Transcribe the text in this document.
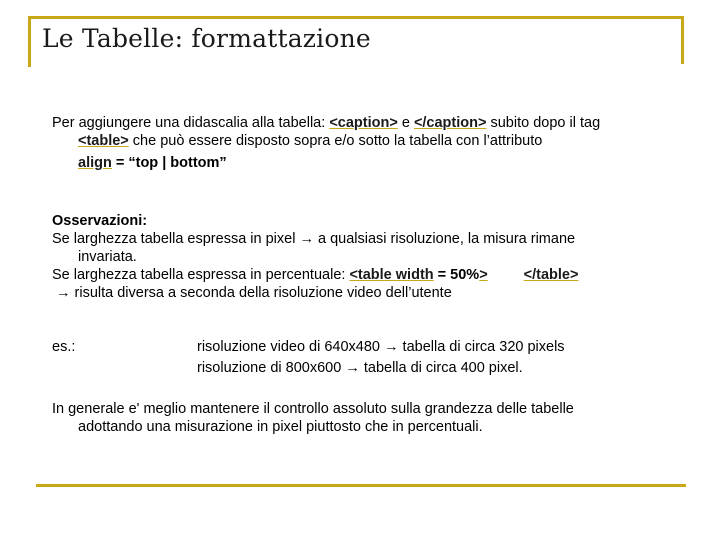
Le Tabelle: formattazione
Per aggiungere una didascalia alla tabella: <caption> e </caption> subito dopo il tag
<table> che può essere disposto sopra e/o sotto la tabella con l’attributo
align = “top | bottom”
Osservazioni:
Se larghezza tabella espressa in pixel → a qualsiasi risoluzione, la misura rimane
invariata.
Se larghezza tabella espressa in percentuale: <table width = 50%> </table>
→ risulta diversa a seconda della risoluzione video dell’utente
es.:	risoluzione video di 640x480 → tabella di circa 320 pixels
risoluzione di 800x600 → tabella di circa 400 pixel.
In generale e' meglio mantenere il controllo assoluto sulla grandezza delle tabelle
adottando una misurazione in pixel piuttosto che in percentuali.
